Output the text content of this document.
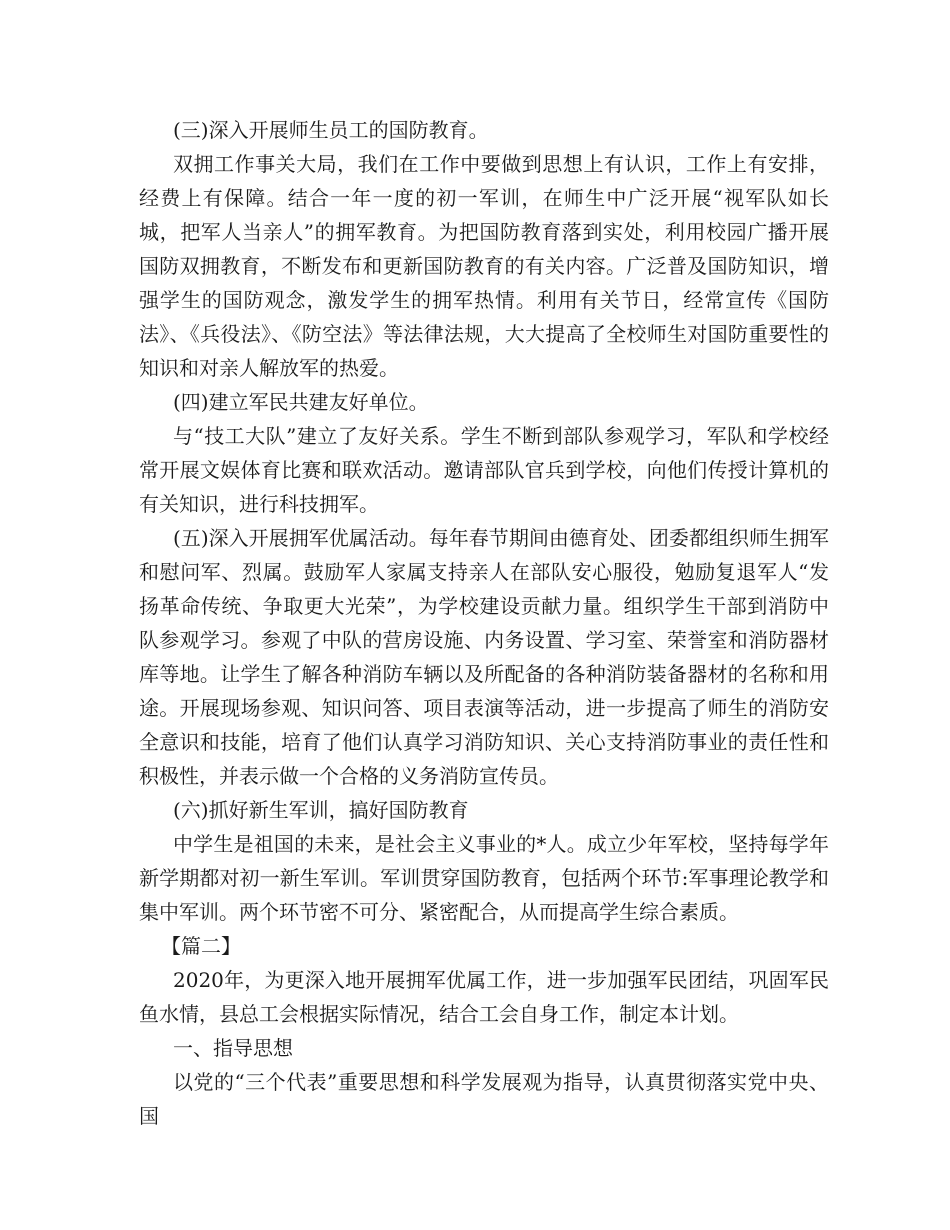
(三)深入开展师生员工的国防教育。

双拥工作事关大局，我们在工作中要做到思想上有认识，工作上有安排，经费上有保障。结合一年一度的初一军训，在师生中广泛开展“视军队如长城，把军人当亲人”的拥军教育。为把国防教育落到实处，利用校园广播开展国防双拥教育，不断发布和更新国防教育的有关内容。广泛普及国防知识，增强学生的国防观念，激发学生的拥军热情。利用有关节日，经常宣传《国防法》、《兵役法》、《防空法》等法律法规，大大提高了全校师生对国防重要性的知识和对亲人解放军的热爱。

(四)建立军民共建友好单位。

与“技工大队”建立了友好关系。学生不断到部队参观学习，军队和学校经常开展文娱体育比赛和联欢活动。邀请部队官兵到学校，向他们传授计算机的有关知识，进行科技拥军。

(五)深入开展拥军优属活动。每年春节期间由德育处、团委都组织师生拥军和慰问军、烈属。鼓励军人家属支持亲人在部队安心服役，勉励复退军人“发扬革命传统、争取更大光荣”，为学校建设贡献力量。组织学生干部到消防中队参观学习。参观了中队的营房设施、内务设置、学习室、荣誉室和消防器材库等地。让学生了解各种消防车辆以及所配备的各种消防装备器材的名称和用途。开展现场参观、知识问答、项目表演等活动，进一步提高了师生的消防安全意识和技能，培育了他们认真学习消防知识、关心支持消防事业的责任性和积极性，并表示做一个合格的义务消防宣传员。

(六)抓好新生军训，搞好国防教育

中学生是祖国的未来，是社会主义事业的*人。成立少年军校，坚持每学年新学期都对初一新生军训。军训贯穿国防教育，包括两个环节:军事理论教学和集中军训。两个环节密不可分、紧密配合，从而提高学生综合素质。

【篇二】

2020年，为更深入地开展拥军优属工作，进一步加强军民团结，巩固军民鱼水情，县总工会根据实际情况，结合工会自身工作，制定本计划。

一、指导思想

以党的“三个代表”重要思想和科学发展观为指导，认真贯彻落实党中央、国
